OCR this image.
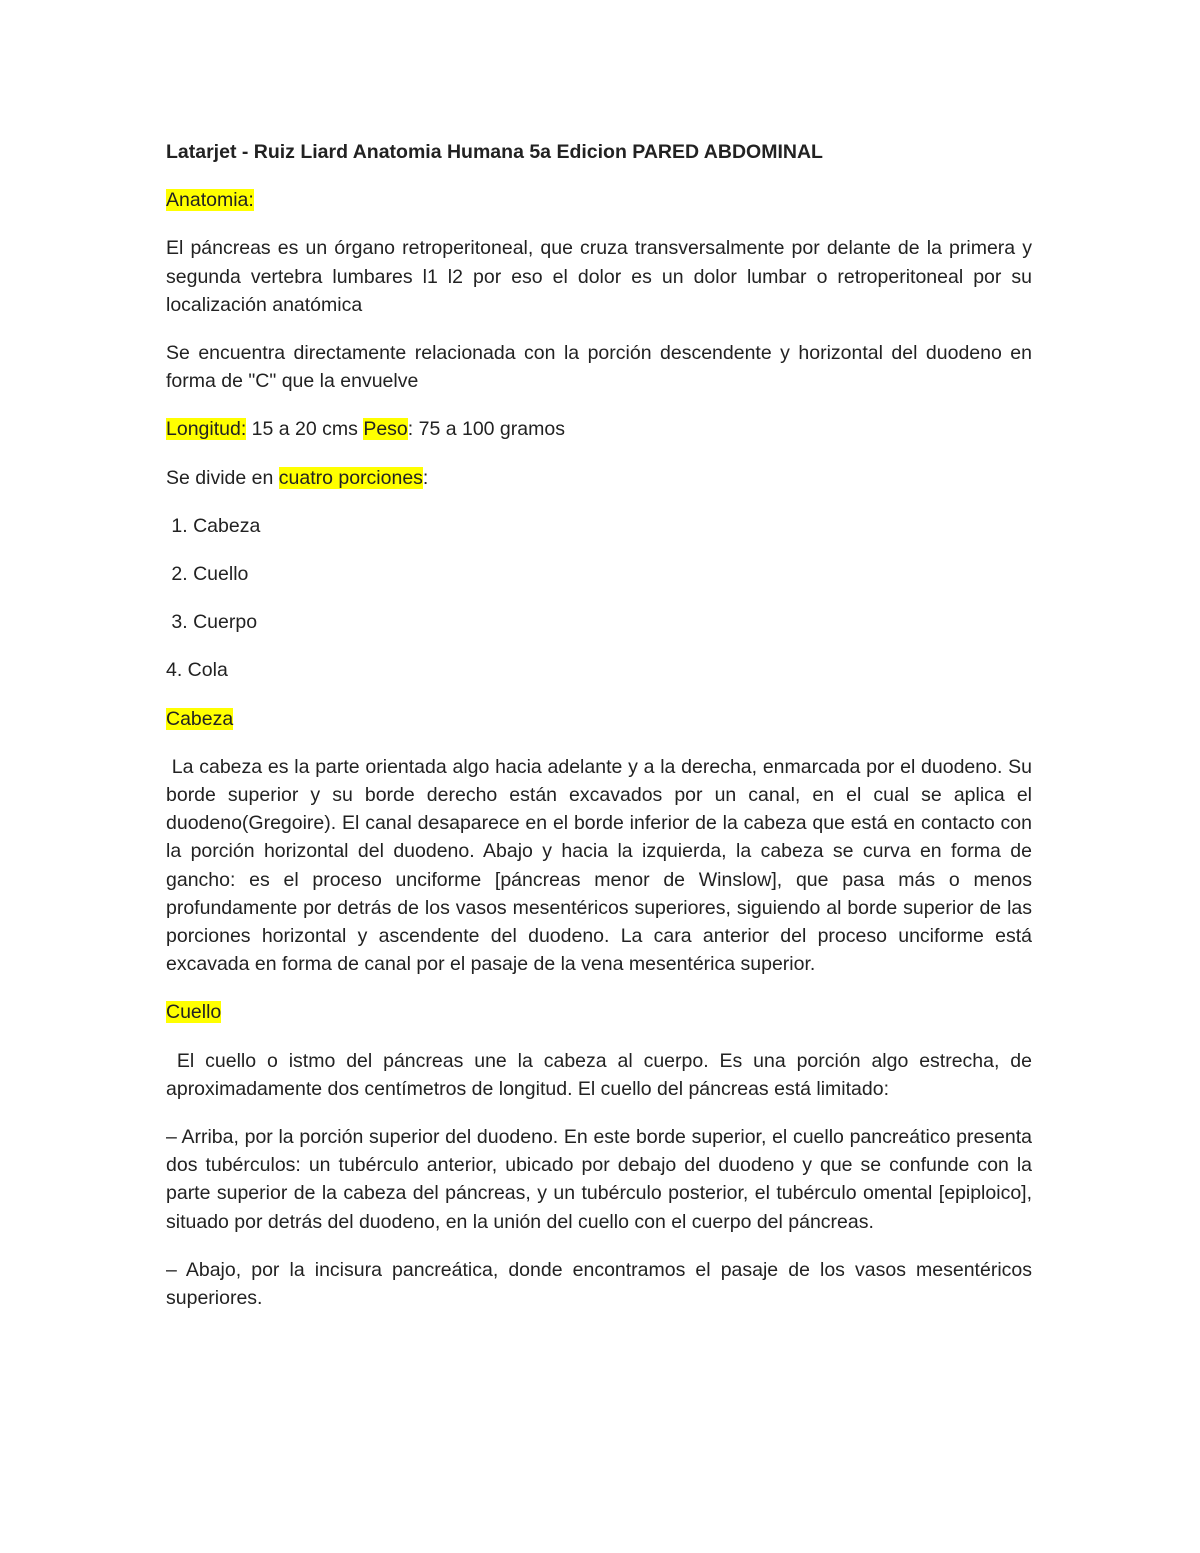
Latarjet - Ruiz Liard Anatomia Humana 5a Edicion PARED ABDOMINAL

Anatomia:

El páncreas es un órgano retroperitoneal, que cruza transversalmente por delante de la primera y segunda vertebra lumbares l1 l2 por eso el dolor es un dolor lumbar o retroperitoneal por su localización anatómica

Se encuentra directamente relacionada con la porción descendente y horizontal del duodeno en forma de "C" que la envuelve

Longitud: 15 a 20 cms Peso: 75 a 100 gramos

Se divide en cuatro porciones:

1. Cabeza

2. Cuello

3. Cuerpo

4. Cola

Cabeza

La cabeza es la parte orientada algo hacia adelante y a la derecha, enmarcada por el duodeno. Su borde superior y su borde derecho están excavados por un canal, en el cual se aplica el duodeno(Gregoire). El canal desaparece en el borde inferior de la cabeza que está en contacto con la porción horizontal del duodeno. Abajo y hacia la izquierda, la cabeza se curva en forma de gancho: es el proceso unciforme [páncreas menor de Winslow], que pasa más o menos profundamente por detrás de los vasos mesentéricos superiores, siguiendo al borde superior de las porciones horizontal y ascendente del duodeno. La cara anterior del proceso unciforme está excavada en forma de canal por el pasaje de la vena mesentérica superior.

Cuello

El cuello o istmo del páncreas une la cabeza al cuerpo. Es una porción algo estrecha, de aproximadamente dos centímetros de longitud. El cuello del páncreas está limitado:

– Arriba, por la porción superior del duodeno. En este borde superior, el cuello pancreático presenta dos tubérculos: un tubérculo anterior, ubicado por debajo del duodeno y que se confunde con la parte superior de la cabeza del páncreas, y un tubérculo posterior, el tubérculo omental [epiploico], situado por detrás del duodeno, en la unión del cuello con el cuerpo del páncreas.

– Abajo, por la incisura pancreática, donde encontramos el pasaje de los vasos mesentéricos superiores.
